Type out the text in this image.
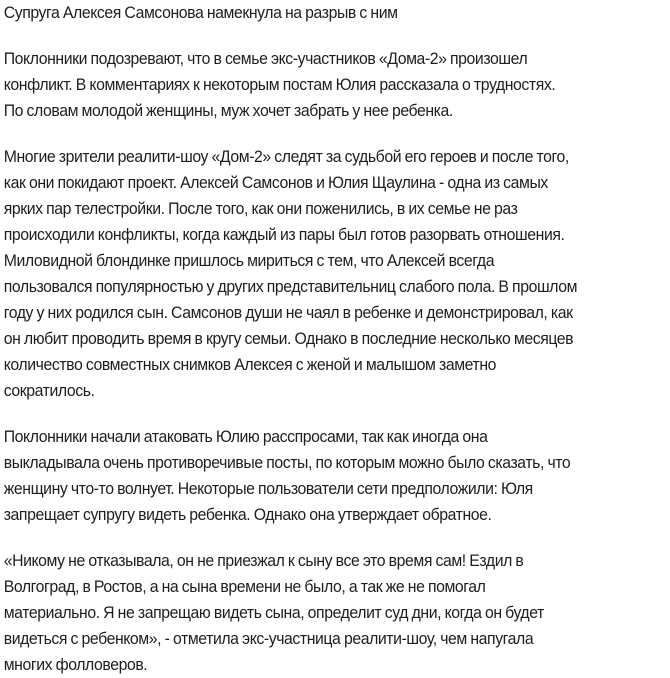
Супруга Алексея Самсонова намекнула на разрыв с ним

Поклонники подозревают, что в семье экс-участников «Дома-2» произошел
конфликт. В комментариях к некоторым постам Юлия рассказала о трудностях.
По словам молодой женщины, муж хочет забрать у нее ребенка.

Многие зрители реалити-шоу «Дом-2» следят за судьбой его героев и после того,
как они покидают проект. Алексей Самсонов и Юлия Щаулина - одна из самых
ярких пар телестройки. После того, как они поженились, в их семье не раз
происходили конфликты, когда каждый из пары был готов разорвать отношения.
Миловидной блондинке пришлось мириться с тем, что Алексей всегда
пользовался популярностью у других представительниц слабого пола. В прошлом
году у них родился сын. Самсонов души не чаял в ребенке и демонстрировал, как
он любит проводить время в кругу семьи. Однако в последние несколько месяцев
количество совместных снимков Алексея с женой и малышом заметно
сократилось.

Поклонники начали атаковать Юлию расспросами, так как иногда она
выкладывала очень противоречивые посты, по которым можно было сказать, что
женщину что-то волнует. Некоторые пользователи сети предположили: Юля
запрещает супругу видеть ребенка. Однако она утверждает обратное.

«Никому не отказывала, он не приезжал к сыну все это время сам! Ездил в
Волгоград, в Ростов, а на сына времени не было, а так же не помогал
материально. Я не запрещаю видеть сына, определит суд дни, когда он будет
видеться с ребенком», - отметила экс-участница реалити-шоу, чем напугала
многих фолловеров.
